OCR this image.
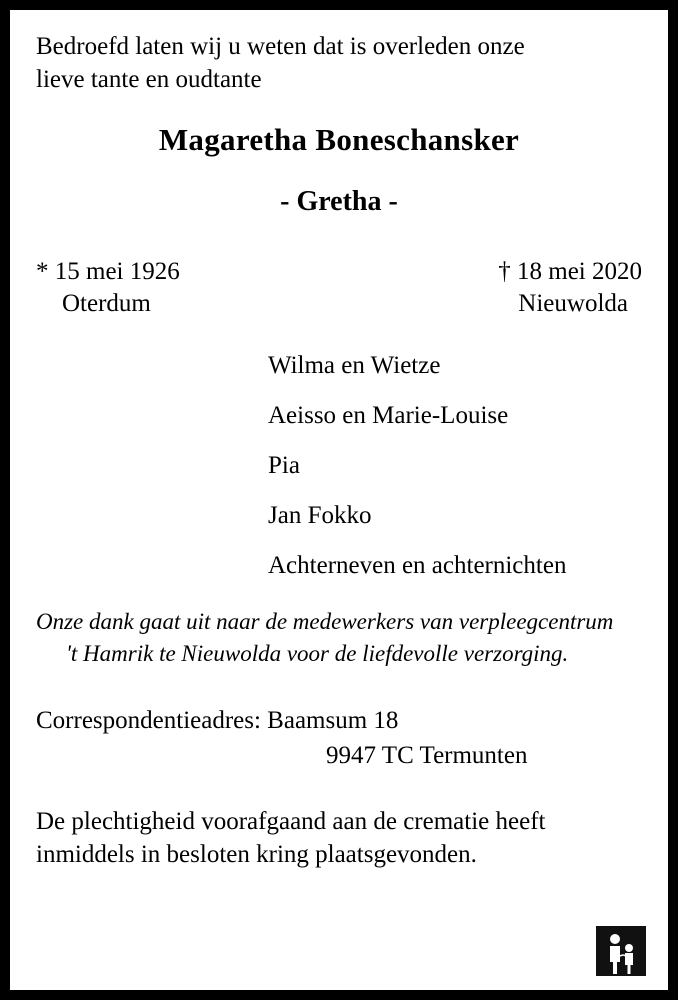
Bedroefd laten wij u weten dat is overleden onze
lieve tante en oudtante
Magaretha Boneschansker
- Gretha -
* 15 mei 1926
Oterdum
† 18 mei 2020
Nieuwolda
Wilma en Wietze
Aeisso en Marie-Louise
Pia
Jan Fokko
Achterneven en achternichten
Onze dank gaat uit naar de medewerkers van verpleegcentrum
't Hamrik te Nieuwolda voor de liefdevolle verzorging.
Correspondentieadres: Baamsum 18
9947 TC Termunten
De plechtigheid voorafgaand aan de crematie heeft
inmiddels in besloten kring plaatsgevonden.
